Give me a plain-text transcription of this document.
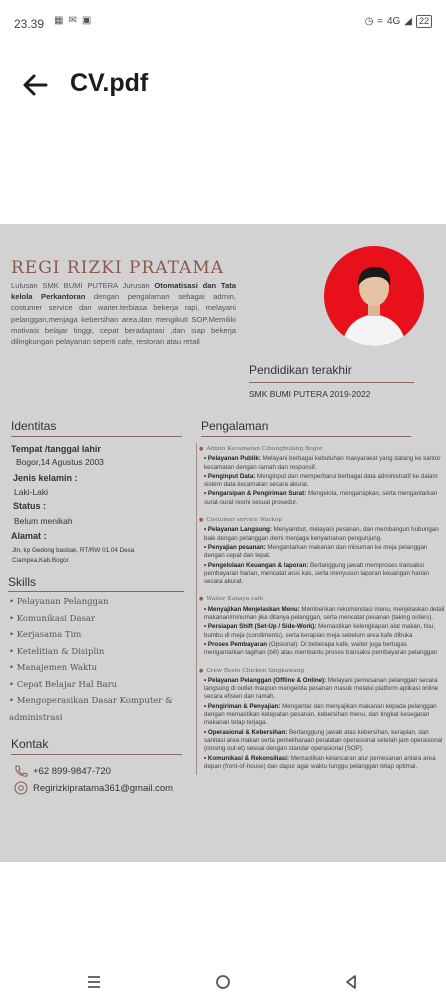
23.39 ▦ ✉ ▣	◷ ≈ 4G ◢ 22
CV.pdf
REGI RIZKI PRATAMA
Lulusan SMK BUMI PUTERA Jurusan Otomatisasi dan Tata kelola Perkantoran dengan pengalaman sebagai admin, costumer service dan waiter.terbiasa bekerja rapi, melayani pelanggan,menjaga kebersihan area,dan mengikuti SOP.Memiliki motivasi belajar tinggi, cepat beradaptasi ,dan siap bekerja dilingkungan pelayanan seperti cafe, restoran atau retail
Pendidikan terakhir
SMK BUMI PUTERA 2019-2022
Identitas
Tempat /tanggal lahir
Bogor,14 Agustus 2003
Jenis kelamin :
Laki-Laki
Status :
Belum menikah
Alamat :
Jln, kp Gedong basbak, RT/RW 01.04 Desa
Ciampea,Kab.Bogor
Skills
• Pelayanan Pelanggan
• Komunikasi Dasar
• Kerjasama Tim
• Ketelitian & Disiplin
• Manajemen Waktu
• Cepat Belajar Hal Baru
• Mengoperasikan Dasar Komputer &
administrasi
Kontak
+62 899-9847-720
Regirizkipratama361@gmail.com
Pengalaman
● Admin Kecamatan Cibungbulang Bogor
• Pelayanan Publik: Melayani berbagai kebutuhan masyarakat yang datang ke kantor kecamatan dengan ramah dan responsif.
• Penginput Data: Menginput dan memperbarui berbagai data administratif ke dalam sistem data kecamatan secara akurat.
• Pengarsipan & Pengiriman Surat: Mengelola, mengarsipkan, serta mengantarkan surat-surat resmi sesuai prosedur.
● Costumer service Warkop
• Pelayanan Langsung: Menyambut, melayani pesanan, dan membangun hubungan baik dengan pelanggan demi menjaga kenyamanan pengunjung.
• Penyajian pesanan: Mengantarkan makanan dan minuman ke meja pelanggan dengan cepat dan tepat.
• Pengelolaan Keuangan & laporan: Bertanggung jawab memproses transaksi pembayaran harian, mencatat arus kas, serta menyusun laporan keuangan harian secara akurat.
● Waiter Kanaya cafe
• Menyajikan Menjelaskan Menu: Memberikan rekomendasi menu, menjelaskan detail makanan/minuman jika ditanya pelanggan, serta mencatat pesanan (taking orders).
• Persiapan Shift (Set-Up / Side-Work): Memastikan kelengkapan alat makan, tisu, bumbu di meja (condiments), serta kerapian meja sebelum area kafe dibuka
• Proses Pembayaran (Opsional): Di beberapa kafe, waiter juga bertugas mengantarkan tagihan (bill) atau membantu proses transaksi pembayaran pelanggan
● Crew Resto Chicken Singkawang
• Pelayanan Pelanggan (Offline & Online): Melayani pemesanan pelanggan secara langsung di outlet maupun mengelola pesanan masuk melalui platform aplikasi online secara efisien dan ramah.
• Pengiriman & Penyajian: Mengantar dan menyajikan makanan kepada pelanggan dengan memastikan ketepatan pesanan, kebersihan menu, dan tingkat kesegaran makanan tetap terjaga.
• Operasional & Kebersihan: Bertanggung jawab atas kebersihan, kerapian, dan sanitasi area makan serta pemeliharaan peralatan operasional setelah jam operasional (closing out-et) sesuai dengan standar operasional (SOP).
• Komunikasi & Rekonsiliasi: Memastikan kelancaran alur pemesanan antara area depan (front-of-house) dan dapur agar waktu tunggu pelanggan tetap optimal.
